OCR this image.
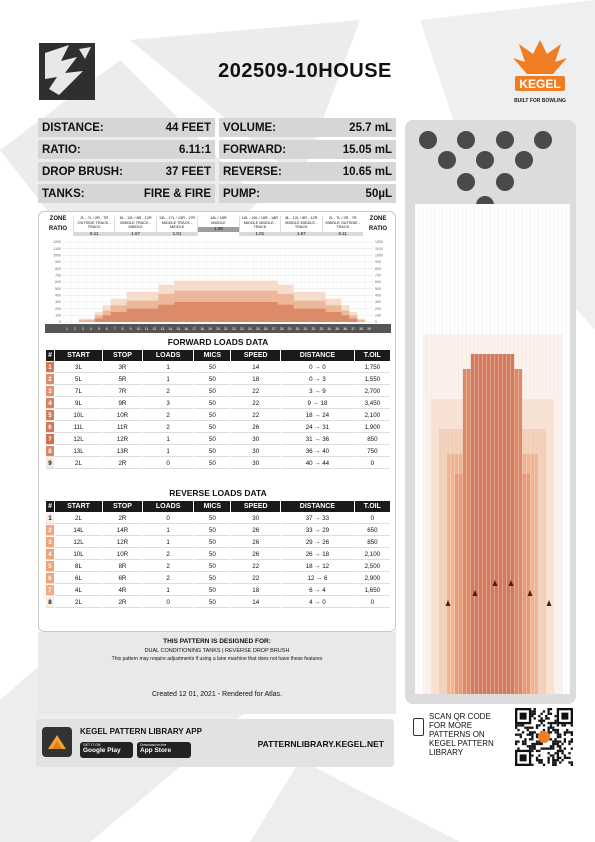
202509-10HOUSE
KEGEL
BUILT FOR BOWLING
DISTANCE:	44 FEET
RATIO:	6.11:1
DROP BRUSH:	37 FEET
TANKS:	FIRE & FIRE
VOLUME:	25.7 mL
FORWARD:	15.05 mL
REVERSE:	10.65 mL
PUMP:	50µL
ZONE
RATIO
2L - 7L / 2R - 7R
OUTSIDE TRACK - TRACK
6.11
8L - 12L / 8R - 12R
MIDDLE TRACK - MIDDLE
1.67
13L - 17L / 13R - 17R
MIDDLE TRACK - MIDDLE
1.01
18L / 18R
MIDDLE
1.00
16L - 18L / 16R - 18R
MIDDLE MIDDLE - TRACK
1.01
8L - 12L / 8R - 12R
MIDDLE MIDDLE - TRACK
1.67
2L - 7L / 2R - 7R
MIDDLE OUTSIDE - TRACK
6.11
ZONE
RATIO
1200	1200
1100	1100
1000	1000
900	900
800	800
700	700
600	600
500	500
400	400
300	300
200	200
100	100
0	0
1 2 3 4 5 6 7 8 9 10 11 12 13 14 15 16 17 18 19 20 21 22 23 24 25 26 27 28 29 30 31 32 33 34 35 36 37 38 39
FORWARD LOADS DATA
#	START	STOP	LOADS	MICS	SPEED	DISTANCE	T.OIL
1	3L	3R	1	50	14	0 → 0	1,750
2	5L	5R	1	50	18	0 → 3	1,550
3	7L	7R	2	50	22	3 → 9	2,700
4	9L	9R	3	50	22	9 → 18	3,450
5	10L	10R	2	50	22	18 → 24	2,100
6	11L	11R	2	50	26	24 → 31	1,900
7	12L	12R	1	50	30	31 → 36	850
8	13L	13R	1	50	30	36 → 40	750
9	2L	2R	0	50	30	40 → 44	0
REVERSE LOADS DATA
#	START	STOP	LOADS	MICS	SPEED	DISTANCE	T.OIL
1	2L	2R	0	50	30	37 → 33	0
2	14L	14R	1	50	26	33 → 29	650
3	12L	12R	1	50	26	29 → 26	850
4	10L	10R	2	50	26	26 → 18	2,100
5	8L	8R	2	50	22	18 → 12	2,500
6	6L	6R	2	50	22	12 → 6	2,900
7	4L	4R	1	50	18	6 → 4	1,650
8	2L	2R	0	50	14	4 → 0	0
THIS PATTERN IS DESIGNED FOR:
DUAL CONDITIONING TANKS | REVERSE DROP BRUSH
This pattern may require adjustments if using a lane machine that does not have these features
Created 12 01, 2021 - Rendered for Atlas.
KEGEL PATTERN LIBRARY APP
GET IT ON
Google Play
Download on the
App Store
PATTERNLIBRARY.KEGEL.NET
SCAN QR CODE FOR MORE PATTERNS ON KEGEL PATTERN LIBRARY
